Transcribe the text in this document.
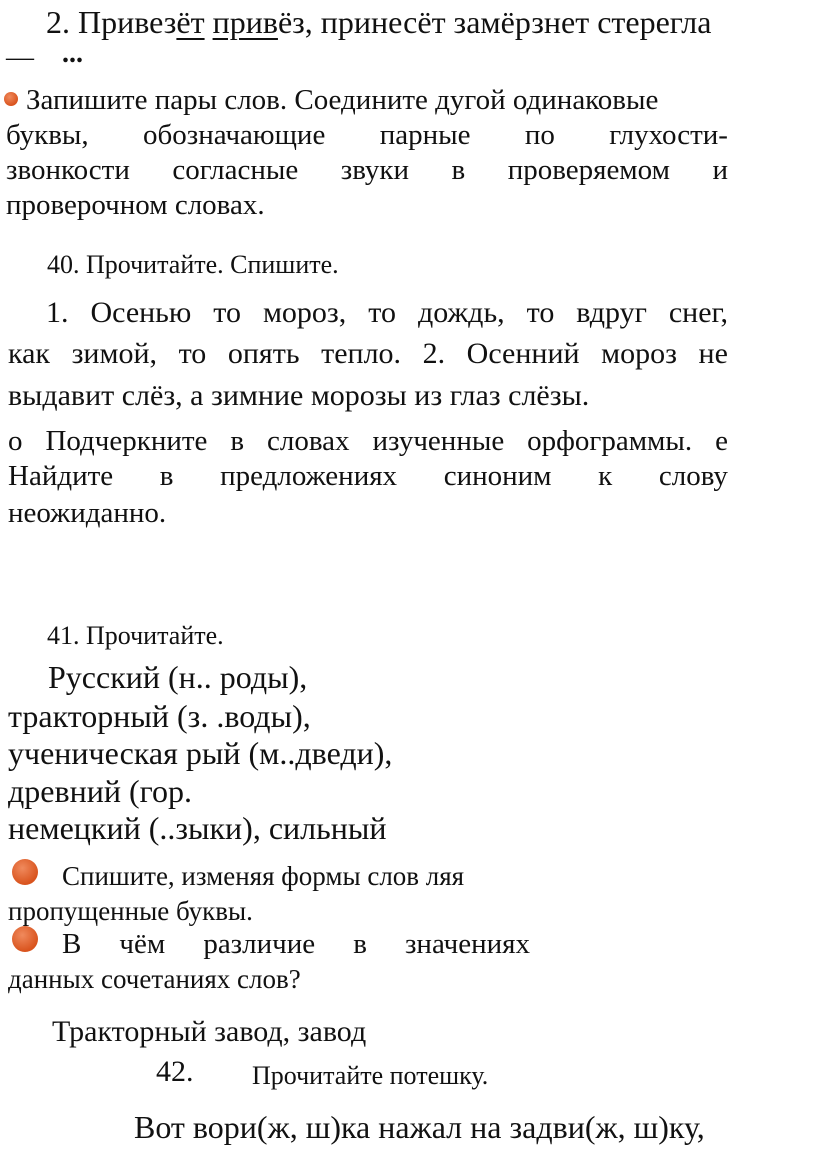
2. Привезёт привёз, принесёт замёрзнет стерегла
— ...
Запишите пары слов. Соедините дугой одинаковые
буквы, обозначающие парные по глухости-
звонкости согласные звуки в проверяемом и
проверочном словах.
40. Прочитайте. Спишите.
1. Осенью то мороз, то дождь, то вдруг снег,
как зимой, то опять тепло. 2. Осенний мороз не
выдавит слёз, а зимние морозы из глаз слёзы.
о Подчеркните в словах изученные орфограммы. е
Найдите в предложениях синоним к слову
неожиданно.
41. Прочитайте.
Русский (н.. роды),
тракторный (з. .воды),
ученическая рый (м..дведи),
древний (гор.
немецкий (..зыки), сильный
Спишите, изменяя формы слов ляя
пропущенные буквы.
В чём различие в значениях
данных сочетаниях слов?
Тракторный завод, завод
42. Прочитайте потешку.
Вот вори(ж, ш)ка нажал на задви(ж, ш)ку,
